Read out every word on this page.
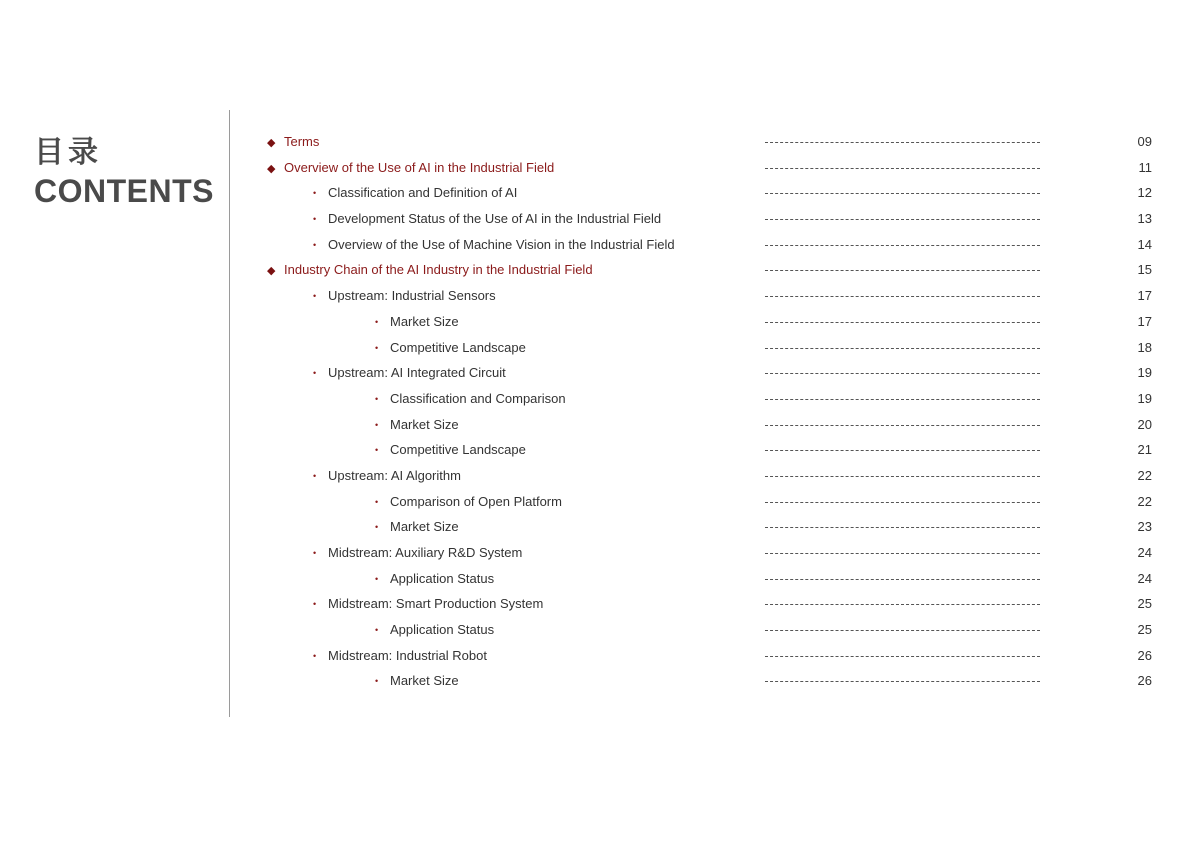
目录
CONTENTS
◆ Terms	09
◆ Overview of the Use of AI in the Industrial Field	11
• Classification and Definition of AI	12
• Development Status of the Use of AI in the Industrial Field	13
• Overview of the Use of Machine Vision in the Industrial Field	14
◆ Industry Chain of the AI Industry in the Industrial Field	15
• Upstream: Industrial Sensors	17
• Market Size	17
• Competitive Landscape	18
• Upstream: AI Integrated Circuit	19
• Classification and Comparison	19
• Market Size	20
• Competitive Landscape	21
• Upstream: AI Algorithm	22
• Comparison of Open Platform	22
• Market Size	23
• Midstream: Auxiliary R&D System	24
• Application Status	24
• Midstream: Smart Production System	25
• Application Status	25
• Midstream: Industrial Robot	26
• Market Size	26
